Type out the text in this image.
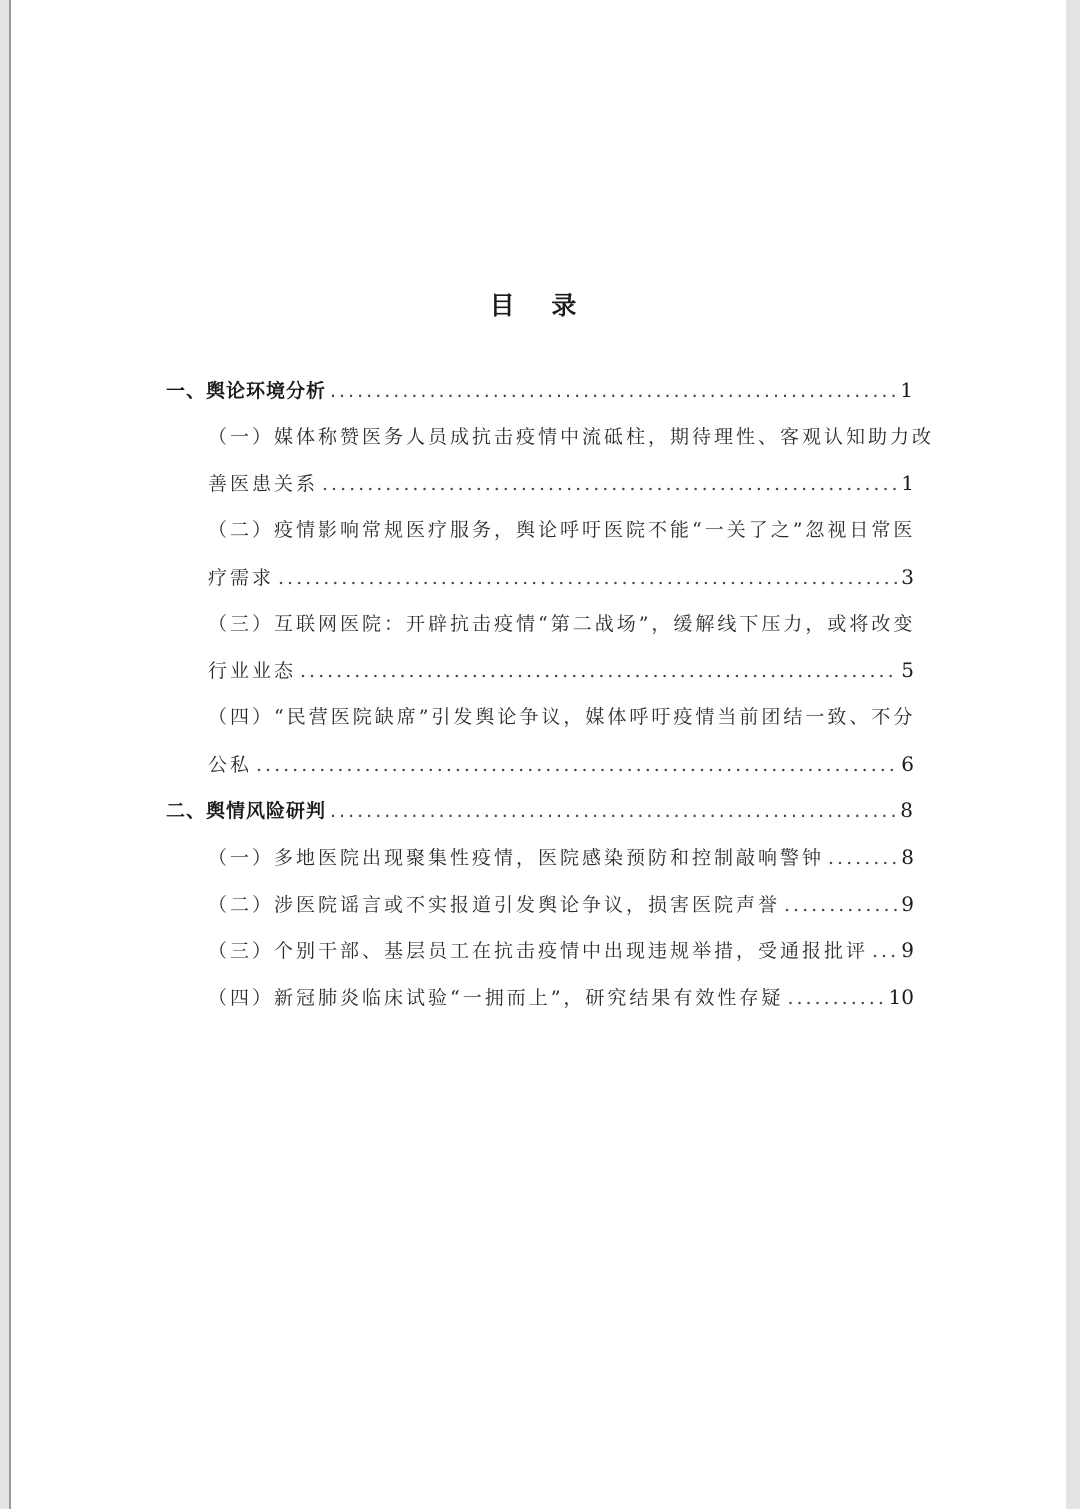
目 录
一、舆论环境分析 .....	1
（一）媒体称赞医务人员成抗击疫情中流砥柱，期待理性、客观认知助力改
善医患关系 .....	1
（二）疫情影响常规医疗服务，舆论呼吁医院不能“一关了之”忽视日常医
疗需求 .....	3
（三）互联网医院：开辟抗击疫情“第二战场”，缓解线下压力，或将改变
行业业态 .....	5
（四）“民营医院缺席”引发舆论争议，媒体呼吁疫情当前团结一致、不分
公私 .....	6
二、舆情风险研判 .....	8
（一）多地医院出现聚集性疫情，医院感染预防和控制敲响警钟 .....	8
（二）涉医院谣言或不实报道引发舆论争议，损害医院声誉 .....	9
（三）个别干部、基层员工在抗击疫情中出现违规举措，受通报批评 ..... 9
（四）新冠肺炎临床试验“一拥而上”，研究结果有效性存疑 .....	10
